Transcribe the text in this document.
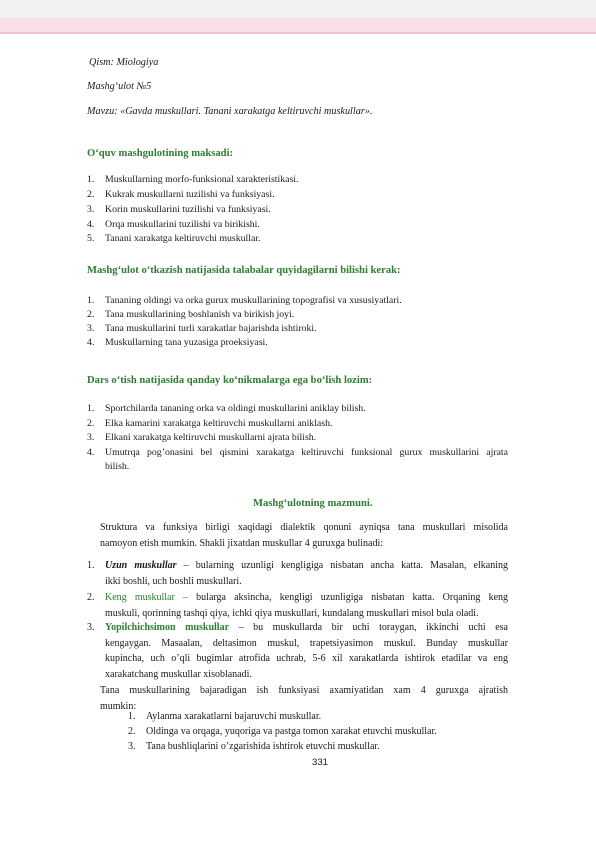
Qism: Miologiya
Mashg‘ulot №5
Mavzu: «Gavda muskullari. Tanani xarakatga keltiruvchi muskullar».
O‘quv mashgulotining maksadi:
1. Muskullarning morfo-funksional xarakteristikasi.
2. Kukrak muskullarni tuzilishi va funksiyasi.
3. Korin muskullarini tuzilishi va funksiyasi.
4. Orqa muskullarini tuzilishi va birikishi.
5. Tanani xarakatga keltiruvchi muskullar.
Mashg‘ulot o‘tkazish natijasida talabalar quyidagilarni bilishi kerak:
1. Tananing oldingi va orka gurux muskullarining topografisi va xususiyatlari.
2. Tana muskullarining boshlanish va birikish joyi.
3. Tana muskullarini turli xarakatlar bajarishda ishtiroki.
4. Muskullarning tana yuzasiga proeksiyasi.
Dars o‘tish natijasida qanday ko‘nikmalarga ega bo‘lish lozim:
1. Sportchilarda tananing orka va oldingi muskullarini aniklay bilish.
2. Elka kamarini xarakatga keltiruvchi muskullarni aniklash.
3. Elkani xarakatga keltiruvchi muskullarni ajrata bilish.
4. Umutrqa pog’onasini bel qismini xarakatga keltiruvchi funksional gurux muskullarini ajrata
bilish.
Mashg‘ulotning mazmuni.
Struktura va funksiya birligi xaqidagi dialektik qonuni ayniqsa tana muskullari misolida
namoyon etish mumkin. Shakli jixatdan muskullar 4 guruxga bulinadi:
1. Uzun muskullar – bularning uzunligi kengligiga nisbatan ancha katta. Masalan, elkaning
ikki boshli, uch boshli muskullari.
2. Keng muskullar – bularga aksincha, kengligi uzunligiga nisbatan katta. Orqaning keng
muskuli, qorinning tashqi qiya, ichki qiya muskullari, kundalang muskullari misol bula oladi.
3. Yopilchichsimon muskullar – bu muskullarda bir uchi toraygan, ikkinchi uchi esa
kengaygan. Masaalan, deltasimon muskul, trapetsiyasimon muskul. Bunday muskullar
kupincha, uch o’qli bugimlar atrofida uchrab, 5-6 xil xarakatlarda ishtirok etadilar va eng
xarakatchang muskullar xisoblanadi.
Tana muskullarining bajaradigan ish funksiyasi axamiyatidan xam 4 guruxga ajratish
mumkin:
1. Aylanma xarakatlarni bajaruvchi muskullar.
2. Oldinga va orqaga, yuqoriga va pastga tomon xarakat etuvchi muskullar.
3. Tana bushliqlarini o’zgarishida ishtirok etuvchi muskullar.
331
